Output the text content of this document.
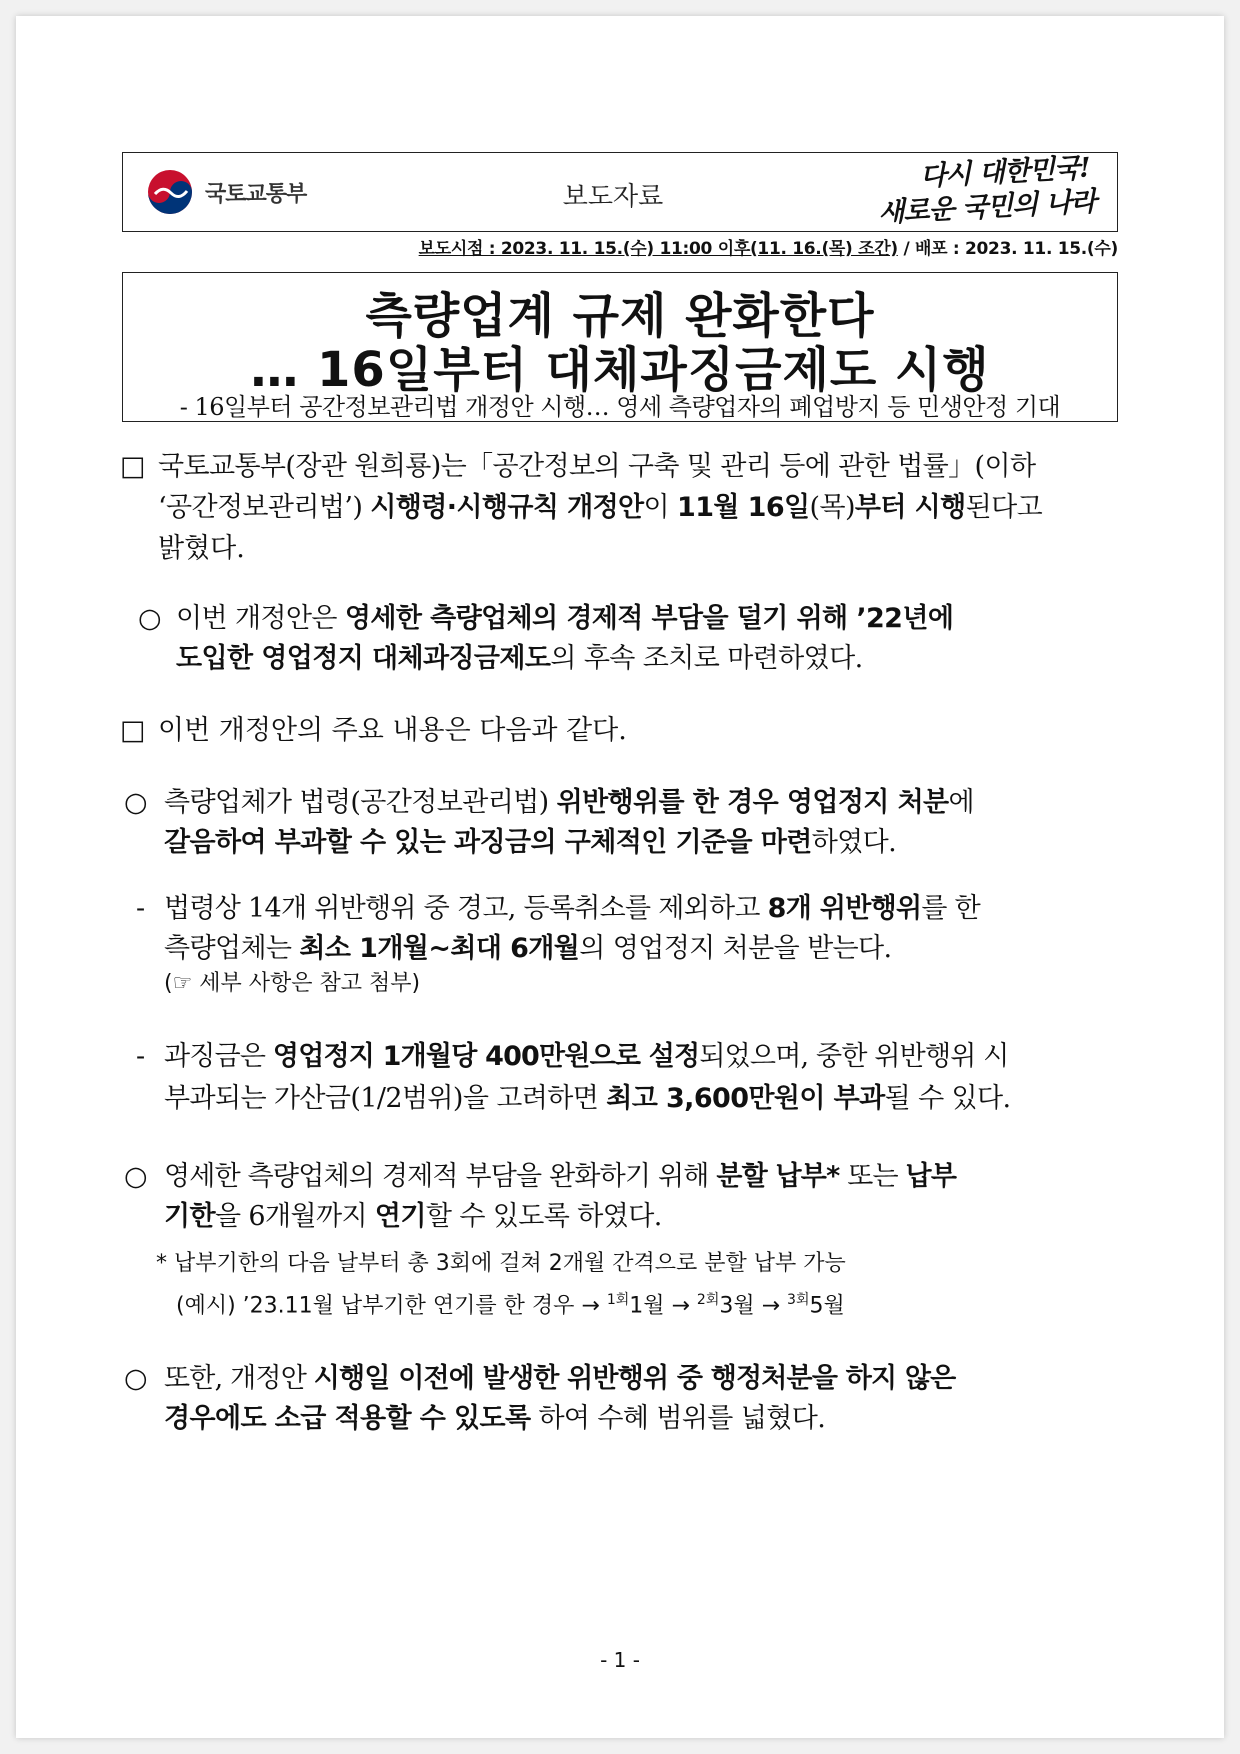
국토교통부	보도자료
다시 대한민국!
새로운 국민의 나라
보도시점 : 2023. 11. 15.(수) 11:00 이후(11. 16.(목) 조간) / 배포 : 2023. 11. 15.(수)
측량업계 규제 완화한다
… 16일부터 대체과징금제도 시행
- 16일부터 공간정보관리법 개정안 시행… 영세 측량업자의 폐업방지 등 민생안정 기대
□ 국토교통부(장관 원희룡)는「공간정보의 구축 및 관리 등에 관한 법률」(이하
‘공간정보관리법’) 시행령·시행규칙 개정안이 11월 16일(목)부터 시행된다고
밝혔다.
○ 이번 개정안은 영세한 측량업체의 경제적 부담을 덜기 위해 ’22년에
도입한 영업정지 대체과징금제도의 후속 조치로 마련하였다.
□ 이번 개정안의 주요 내용은 다음과 같다.
○ 측량업체가 법령(공간정보관리법) 위반행위를 한 경우 영업정지 처분에
갈음하여 부과할 수 있는 과징금의 구체적인 기준을 마련하였다.
- 법령상 14개 위반행위 중 경고, 등록취소를 제외하고 8개 위반행위를 한
측량업체는 최소 1개월~최대 6개월의 영업정지 처분을 받는다.
(☞ 세부 사항은 참고 첨부)
- 과징금은 영업정지 1개월당 400만원으로 설정되었으며, 중한 위반행위 시
부과되는 가산금(1/2범위)을 고려하면 최고 3,600만원이 부과될 수 있다.
○ 영세한 측량업체의 경제적 부담을 완화하기 위해 분할 납부* 또는 납부
기한을 6개월까지 연기할 수 있도록 하였다.
* 납부기한의 다음 날부터 총 3회에 걸쳐 2개월 간격으로 분할 납부 가능
(예시) ’23.11월 납부기한 연기를 한 경우 → $^{1회}$1월 → $^{2회}$3월 → $^{3회}$5월
○ 또한, 개정안 시행일 이전에 발생한 위반행위 중 행정처분을 하지 않은
경우에도 소급 적용할 수 있도록 하여 수혜 범위를 넓혔다.
- 1 -
